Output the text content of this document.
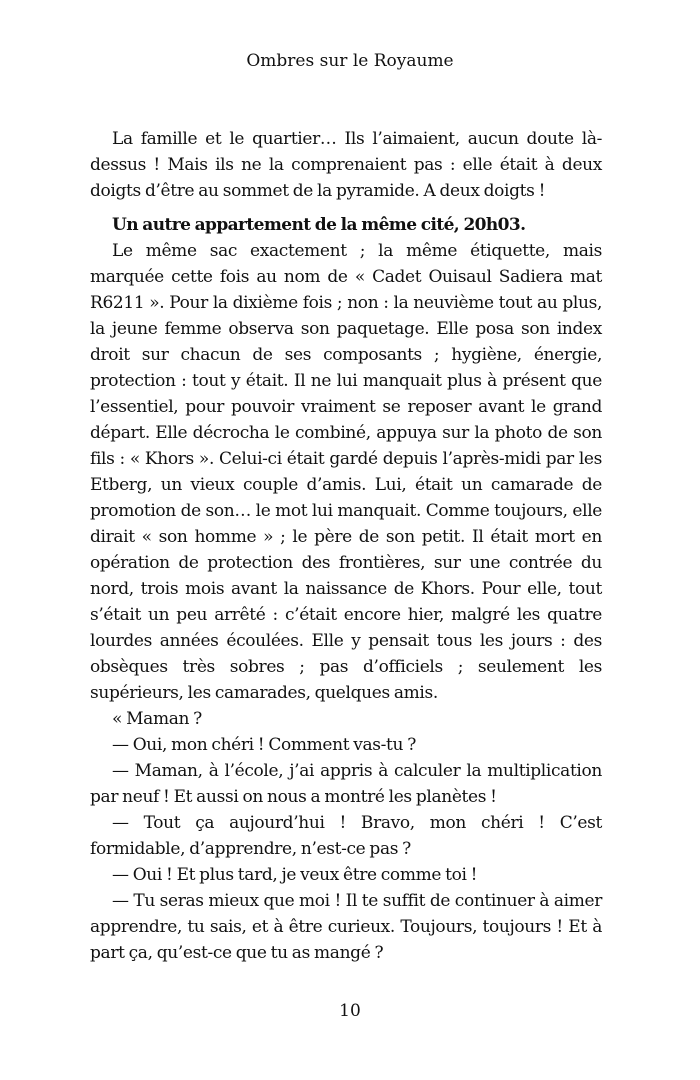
Ombres sur le Royaume

La famille et le quartier… Ils l’aimaient, aucun doute là-dessus ! Mais ils ne la comprenaient pas : elle était à deux doigts d’être au sommet de la pyramide. A deux doigts !

Un autre appartement de la même cité, 20h03.

Le même sac exactement ; la même étiquette, mais marquée cette fois au nom de « Cadet Ouisaul Sadiera mat R6211 ». Pour la dixième fois ; non : la neuvième tout au plus, la jeune femme observa son paquetage. Elle posa son index droit sur chacun de ses composants ; hygiène, énergie, protection : tout y était. Il ne lui manquait plus à présent que l’essentiel, pour pouvoir vraiment se reposer avant le grand départ. Elle décrocha le combiné, appuya sur la photo de son fils : « Khors ». Celui-ci était gardé depuis l’après-midi par les Etberg, un vieux couple d’amis. Lui, était un camarade de promotion de son… le mot lui manquait. Comme toujours, elle dirait « son homme » ; le père de son petit. Il était mort en opération de protection des frontières, sur une contrée du nord, trois mois avant la naissance de Khors. Pour elle, tout s’était un peu arrêté : c’était encore hier, malgré les quatre lourdes années écoulées. Elle y pensait tous les jours : des obsèques très sobres ; pas d’officiels ; seulement les supérieurs, les camarades, quelques amis.

« Maman ?

— Oui, mon chéri ! Comment vas-tu ?

— Maman, à l’école, j’ai appris à calculer la multiplication par neuf ! Et aussi on nous a montré les planètes !

— Tout ça aujourd’hui ! Bravo, mon chéri ! C’est formidable, d’apprendre, n’est-ce pas ?

— Oui ! Et plus tard, je veux être comme toi !

— Tu seras mieux que moi ! Il te suffit de continuer à aimer apprendre, tu sais, et à être curieux. Toujours, toujours ! Et à part ça, qu’est-ce que tu as mangé ?

10
